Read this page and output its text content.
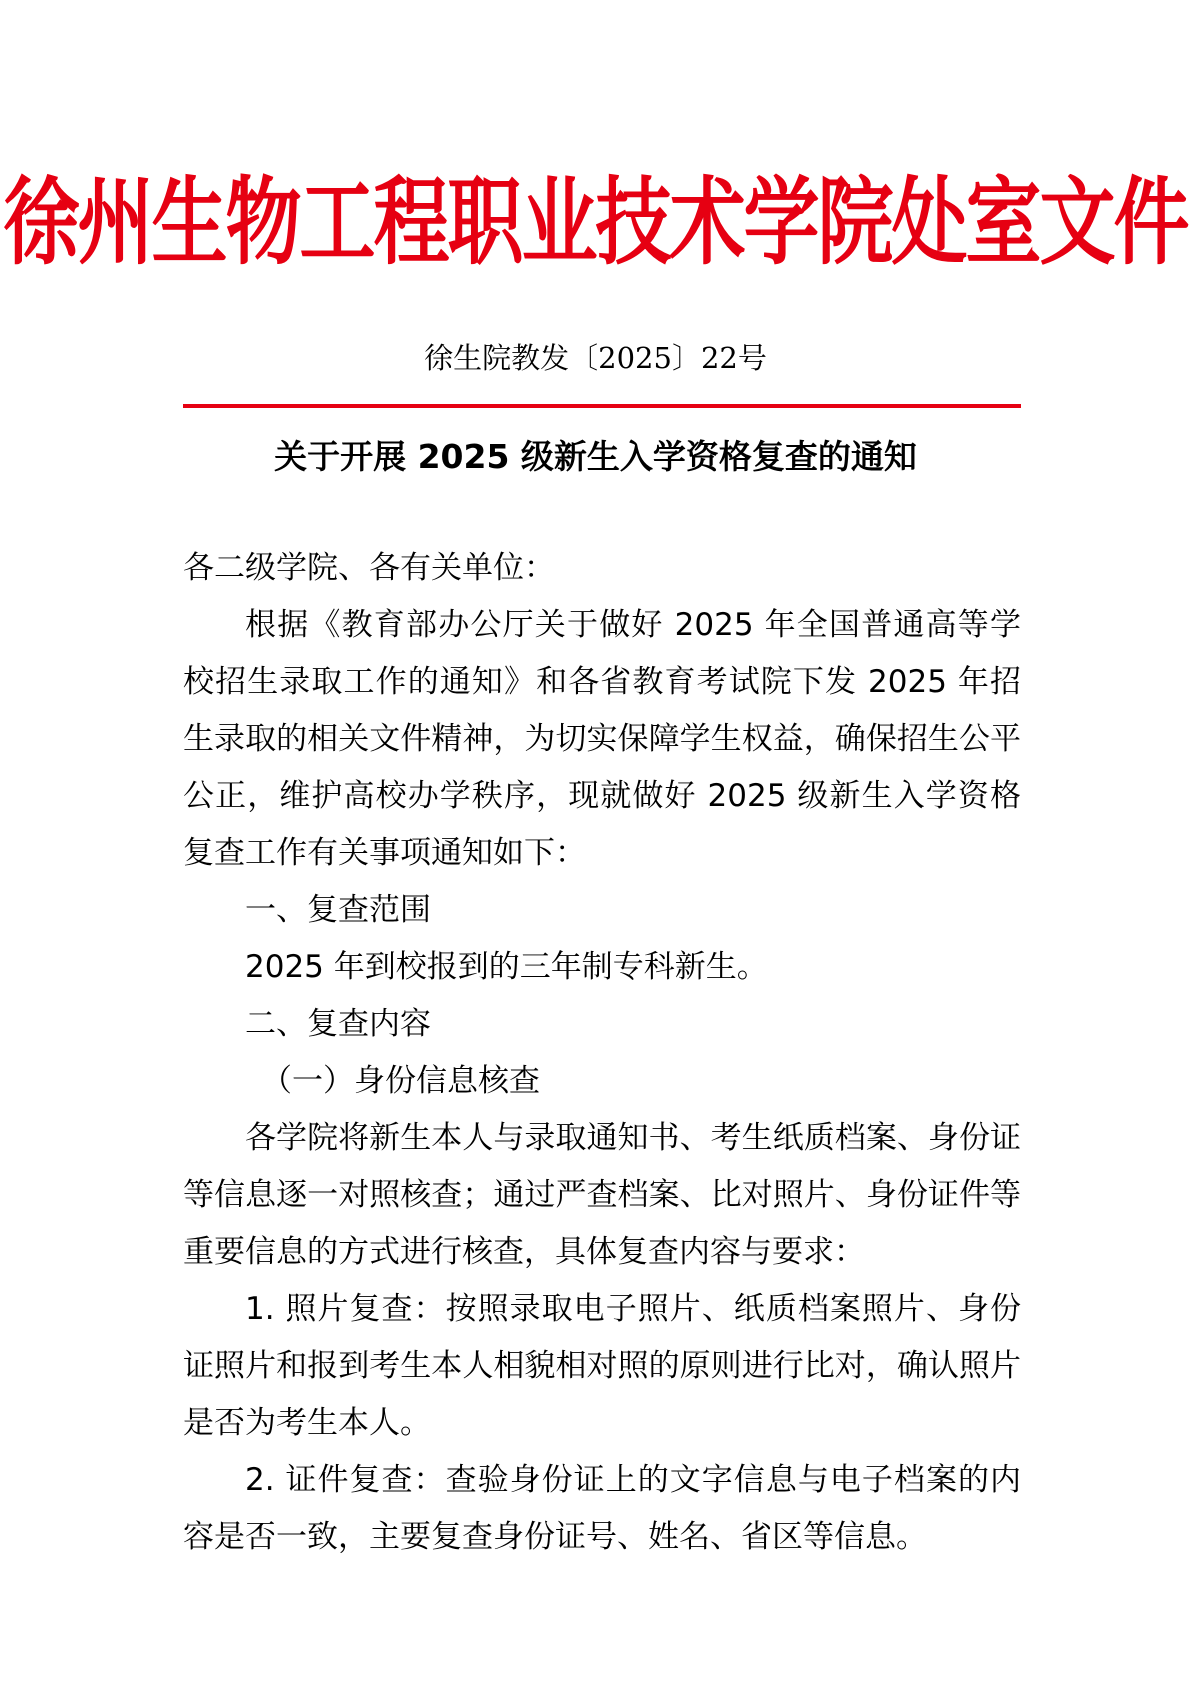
徐州生物工程职业技术学院处室文件
徐生院教发〔2025〕22号
关于开展 2025 级新生入学资格复查的通知

各二级学院、各有关单位：

根据《教育部办公厅关于做好 2025 年全国普通高等学校招生录取工作的通知》和各省教育考试院下发 2025 年招生录取的相关文件精神，为切实保障学生权益，确保招生公平公正，维护高校办学秩序，现就做好 2025 级新生入学资格复查工作有关事项通知如下：

一、复查范围

2025 年到校报到的三年制专科新生。

二、复查内容

（一）身份信息核查

各学院将新生本人与录取通知书、考生纸质档案、身份证等信息逐一对照核查；通过严查档案、比对照片、身份证件等重要信息的方式进行核查，具体复查内容与要求：

1. 照片复查：按照录取电子照片、纸质档案照片、身份证照片和报到考生本人相貌相对照的原则进行比对，确认照片是否为考生本人。

2. 证件复查：查验身份证上的文字信息与电子档案的内容是否一致，主要复查身份证号、姓名、省区等信息。
